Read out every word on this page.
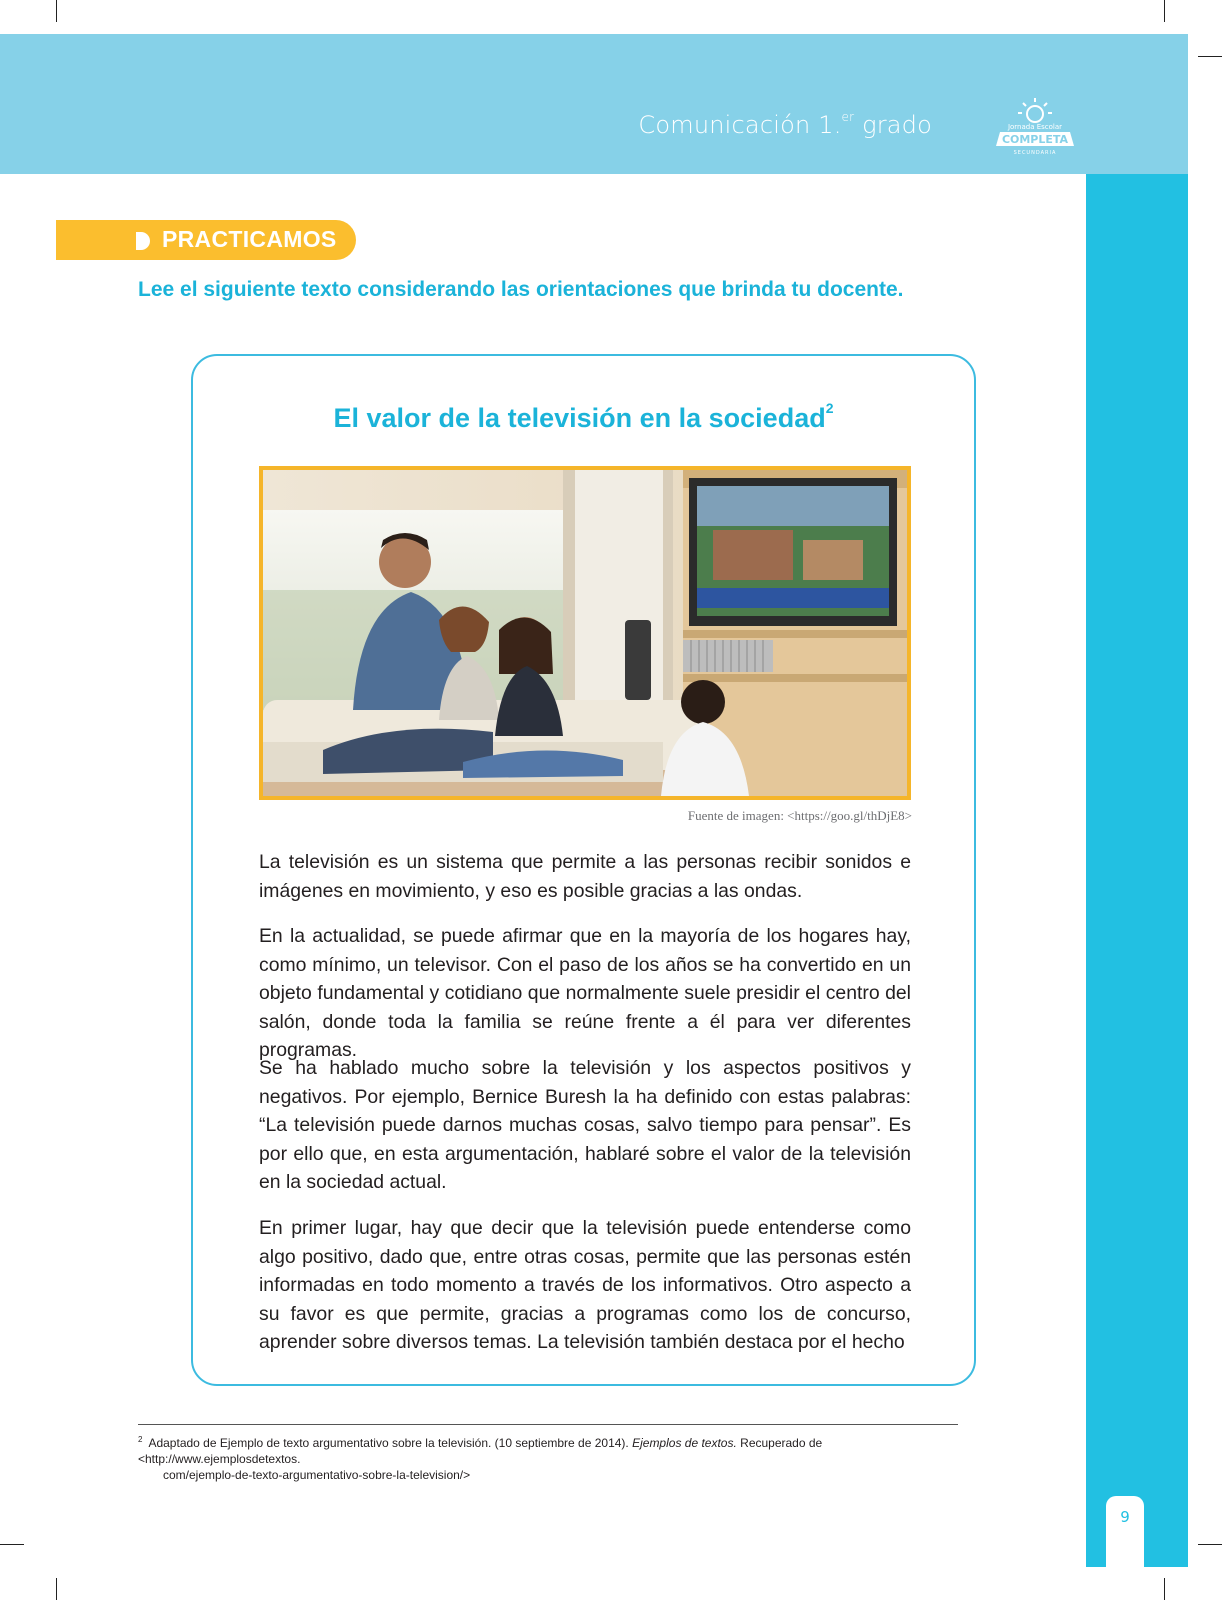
Comunicación 1.$^{er}$ grado	Jornada Escolar
COMPLETA
SECUNDARIA
9
PRACTICAMOS
Lee el siguiente texto considerando las orientaciones que brinda tu docente.
El valor de la televisión en la sociedad$^2$
Fuente de imagen: <https://goo.gl/thDjE8>

La televisión es un sistema que permite a las personas recibir sonidos e imágenes en movimiento, y eso es posible gracias a las ondas.

En la actualidad, se puede afirmar que en la mayoría de los hogares hay, como mínimo, un televisor. Con el paso de los años se ha convertido en un objeto fundamental y cotidiano que normalmente suele presidir el centro del salón, donde toda la familia se reúne frente a él para ver diferentes programas.

Se ha hablado mucho sobre la televisión y los aspectos positivos y negativos. Por ejemplo, Bernice Buresh la ha definido con estas palabras: “La televisión puede darnos muchas cosas, salvo tiempo para pensar”. Es por ello que, en esta argumentación, hablaré sobre el valor de la televisión en la sociedad actual.

En primer lugar, hay que decir que la televisión puede entenderse como algo positivo, dado que, entre otras cosas, permite que las personas estén informadas en todo momento a través de los informativos. Otro aspecto a su favor es que permite, gracias a programas como los de concurso, aprender sobre diversos temas. La televisión también destaca por el hecho

$^2$ Adaptado de Ejemplo de texto argumentativo sobre la televisión. (10 septiembre de 2014). Ejemplos de textos. Recuperado de <http://www.ejemplosdetextos.
com/ejemplo-de-texto-argumentativo-sobre-la-television/>
